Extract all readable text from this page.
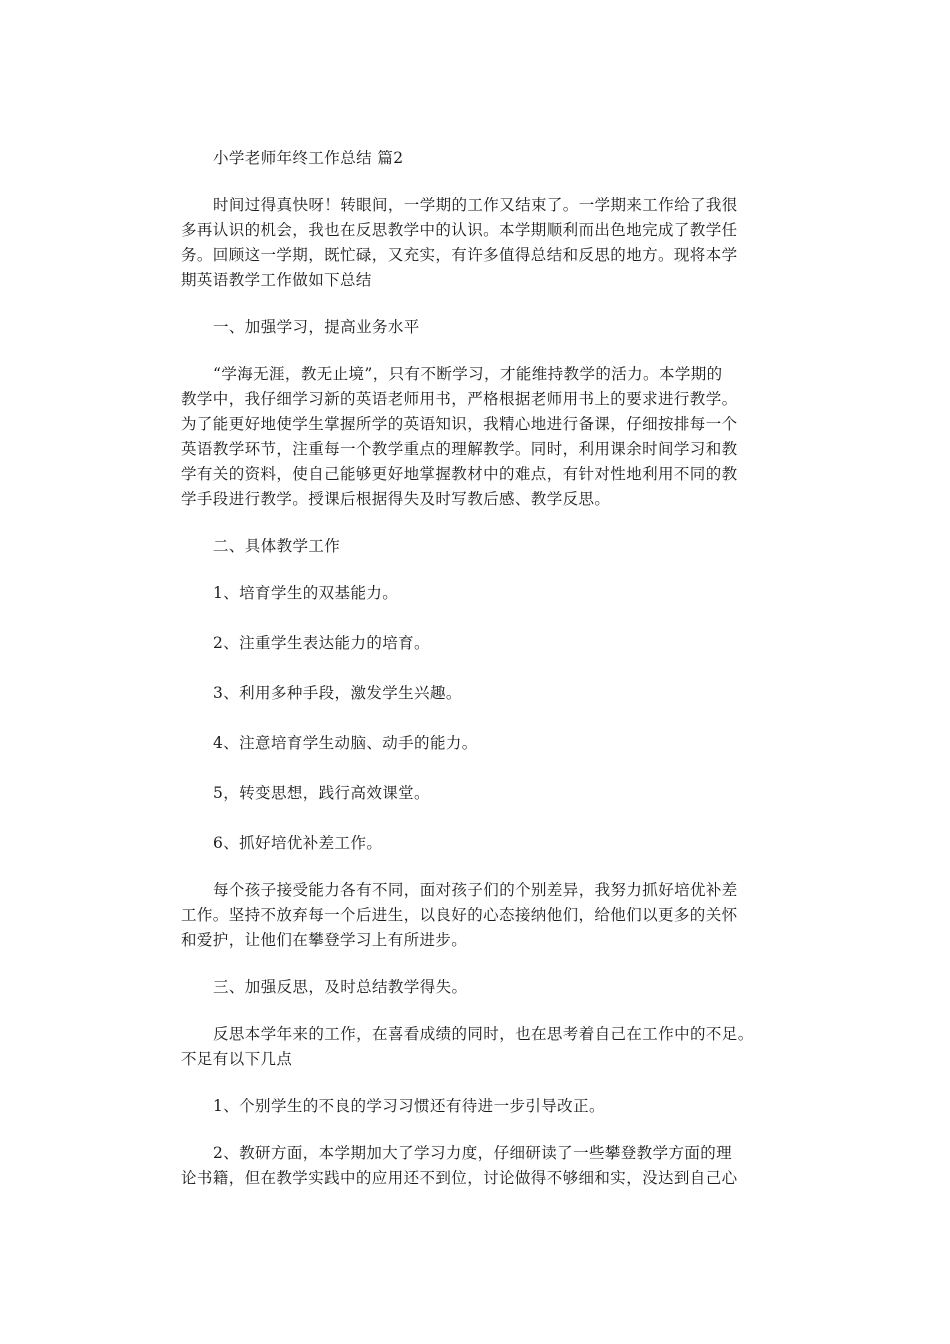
小学老师年终工作总结 篇2

时间过得真快呀！转眼间，一学期的工作又结束了。一学期来工作给了我很

多再认识的机会，我也在反思教学中的认识。本学期顺利而出色地完成了教学任

务。回顾这一学期，既忙碌，又充实，有许多值得总结和反思的地方。现将本学

期英语教学工作做如下总结

一、加强学习，提高业务水平

“学海无涯，教无止境”，只有不断学习，才能维持教学的活力。本学期的

教学中，我仔细学习新的英语老师用书，严格根据老师用书上的要求进行教学。

为了能更好地使学生掌握所学的英语知识，我精心地进行备课，仔细按排每一个

英语教学环节，注重每一个教学重点的理解教学。同时，利用课余时间学习和教

学有关的资料，使自己能够更好地掌握教材中的难点，有针对性地利用不同的教

学手段进行教学。授课后根据得失及时写教后感、教学反思。

二、具体教学工作

1、培育学生的双基能力。

2、注重学生表达能力的培育。

3、利用多种手段，激发学生兴趣。

4、注意培育学生动脑、动手的能力。

5，转变思想，践行高效课堂。

6、抓好培优补差工作。

每个孩子接受能力各有不同，面对孩子们的个别差异，我努力抓好培优补差

工作。坚持不放弃每一个后进生，以良好的心态接纳他们，给他们以更多的关怀

和爱护，让他们在攀登学习上有所进步。

三、加强反思，及时总结教学得失。

反思本学年来的工作，在喜看成绩的同时，也在思考着自己在工作中的不足。

不足有以下几点

1、个别学生的不良的学习习惯还有待进一步引导改正。

2、教研方面，本学期加大了学习力度，仔细研读了一些攀登教学方面的理

论书籍，但在教学实践中的应用还不到位，讨论做得不够细和实，没达到自己心
